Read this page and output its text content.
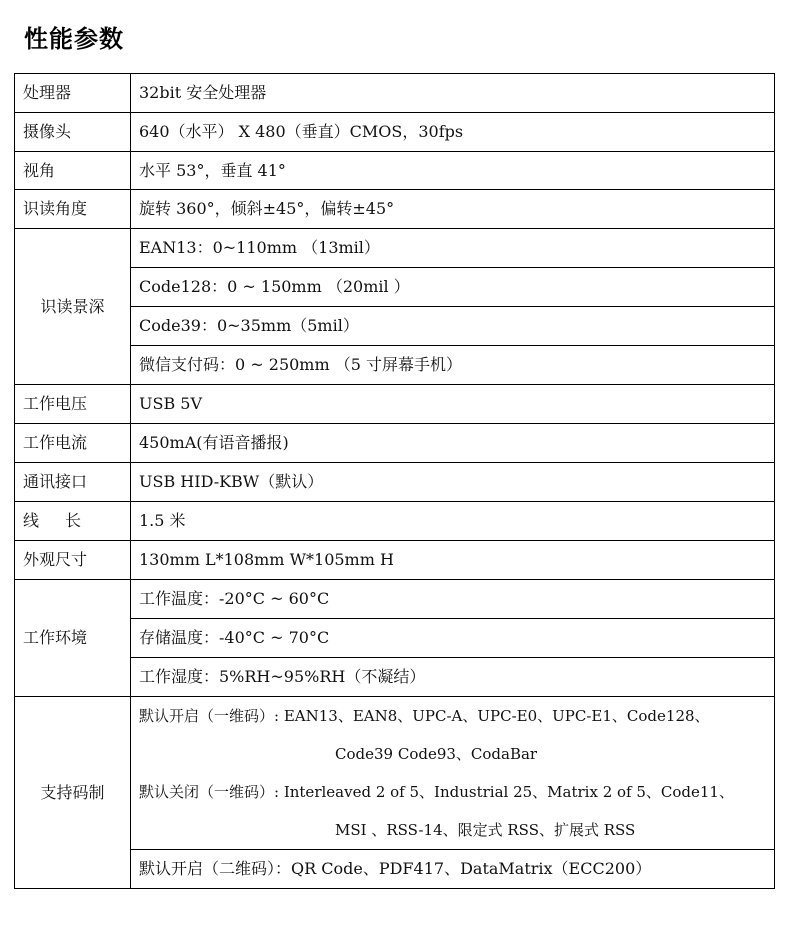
性能参数
处理器	32bit 安全处理器
摄像头	640（水平） X 480（垂直）CMOS，30fps
视角	水平 53°，垂直 41°
识读角度	旋转 360°，倾斜±45°，偏转±45°
识读景深	EAN13：0~110mm （13mil）
	Code128：0 ~ 150mm （20mil ）
	Code39：0~35mm（5mil）
	微信支付码：0 ~ 250mm （5 寸屏幕手机）
工作电压	USB 5V
工作电流	450mA(有语音播报)
通讯接口	USB HID-KBW（默认）
线长	1.5 米
外观尺寸	130mm L*108mm W*105mm H
工作环境	工作温度：-20°C ~ 60°C
	存储温度：-40°C ~ 70°C
	工作湿度：5%RH~95%RH（不凝结）
支持码制	默认开启（一维码）: EAN13、EAN8、UPC-A、UPC-E0、UPC-E1、Code128、
Code39 Code93、CodaBar
默认关闭（一维码）: Interleaved 2 of 5、Industrial 25、Matrix 2 of 5、Code11、
MSI 、RSS-14、限定式 RSS、扩展式 RSS

	默认开启（二维码）：QR Code、PDF417、DataMatrix（ECC200）
